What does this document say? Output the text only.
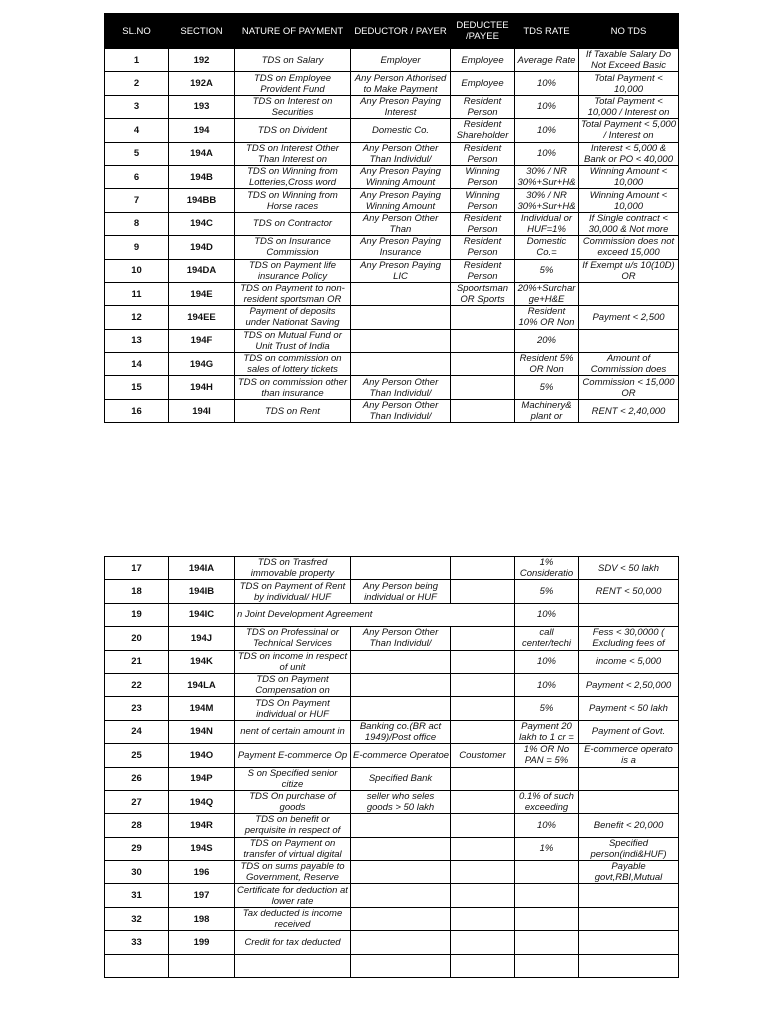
SL.NO	SECTION	NATURE OF PAYMENT	DEDUCTOR / PAYER	DEDUCTEE /PAYEE	TDS RATE	NO TDS

1	192	TDS on Salary	Employer	Employee	Average Rate	If Taxable Salary Do Not Exceed Basic

2	192A	TDS on Employee Provident Fund	Any Person Athorised to Make Payment	Employee	10%	Total Payment < 10,000

3	193	TDS on Interest on Securities	Any Preson Paying Interest	Resident Person	10%	Total Payment < 10,000 / Interest on

4	194	TDS on Divident	Domestic Co.	Resident Shareholder	10%	Total Payment < 5,000 / Interest on

5	194A	TDS on Interest Other Than Interest on	Any Person Other Than Individul/	Resident Person	10%	Interest < 5,000 & Bank or PO < 40,000

6	194B	TDS on Winning from Lotteries,Cross word	Any Preson Paying Winning Amount	Winning Person	30% / NR 30%+Sur+H&	Winning Amount < 10,000

7	194BB	TDS on Winning from Horse races	Any Preson Paying Winning Amount	Winning Person	30% / NR 30%+Sur+H&	Winning Amount < 10,000

8	194C	TDS on Contractor	Any Person Other Than	Resident Person	Individual or HUF=1%	If Single contract < 30,000 & Not more

9	194D	TDS on Insurance Commission	Any Preson Paying Insurance	Resident Person	Domestic Co.=	Commission does not exceed 15,000

10	194DA	TDS on Payment life insurance Policy	Any Preson Paying LIC	Resident Person	5%	If Exempt u/s 10(10D) OR

11	194E	TDS on Payment to non-resident sportsman OR		Spoortsman OR Sports	20%+Surchar ge+H&E	

12	194EE	Payment of deposits under Nationat Saving			Resident 10% OR Non	Payment < 2,500

13	194F	TDS on Mutual Fund or Unit Trust of India			20%	

14	194G	TDS on commission on sales of lottery tickets			Resident 5% OR Non	Amount of Commission does

15	194H	TDS on commission other than insurance	Any Person Other Than Individul/		5%	Commission < 15,000 OR

16	194I	TDS on Rent	Any Person Other Than Individul/		Machinery& plant or	RENT < 2,40,000
17	194IA	TDS on Trasfred immovable property			1% Consideratio	SDV < 50 lakh

18	194IB	TDS on Payment of Rent by individual/ HUF	Any Person being individual or HUF		5%	RENT < 50,000

19	194IC	n Joint Development Agreement			10%	

20	194J	TDS on Professinal or Technical Services	Any Person Other Than Individul/		call center/techi	Fess < 30,0000 ( Excluding fees of

21	194K	TDS on income in respect of unit			10%	income < 5,000

22	194LA	TDS on Payment Compensation on			10%	Payment < 2,50,000

23	194M	TDS On Payment individual or HUF			5%	Payment < 50 lakh

24	194N	nent of certain amount in	Banking co.(BR act 1949)/Post office		Payment 20 lakh to 1 cr =	Payment of Govt.

25	194O	Payment E-commerce Op	E-commerce Operatoe	Coustomer	1% OR No PAN = 5%	E-commerce operato is a

26	194P	S on Specified senior citize	Specified Bank			

27	194Q	TDS On purchase of goods	seller who seles goods > 50 lakh		0.1% of such exceeding	

28	194R	TDS on benefit or perquisite in respect of			10%	Benefit < 20,000

29	194S	TDS on Payment on transfer of virtual digital			1%	Specified person(indi&HUF)

30	196	TDS on sums payable to Government, Reserve				Payable govt,RBI,Mutual

31	197	Certificate for deduction at lower rate				

32	198	Tax deducted is income received				

33	199	Credit for tax deducted				
